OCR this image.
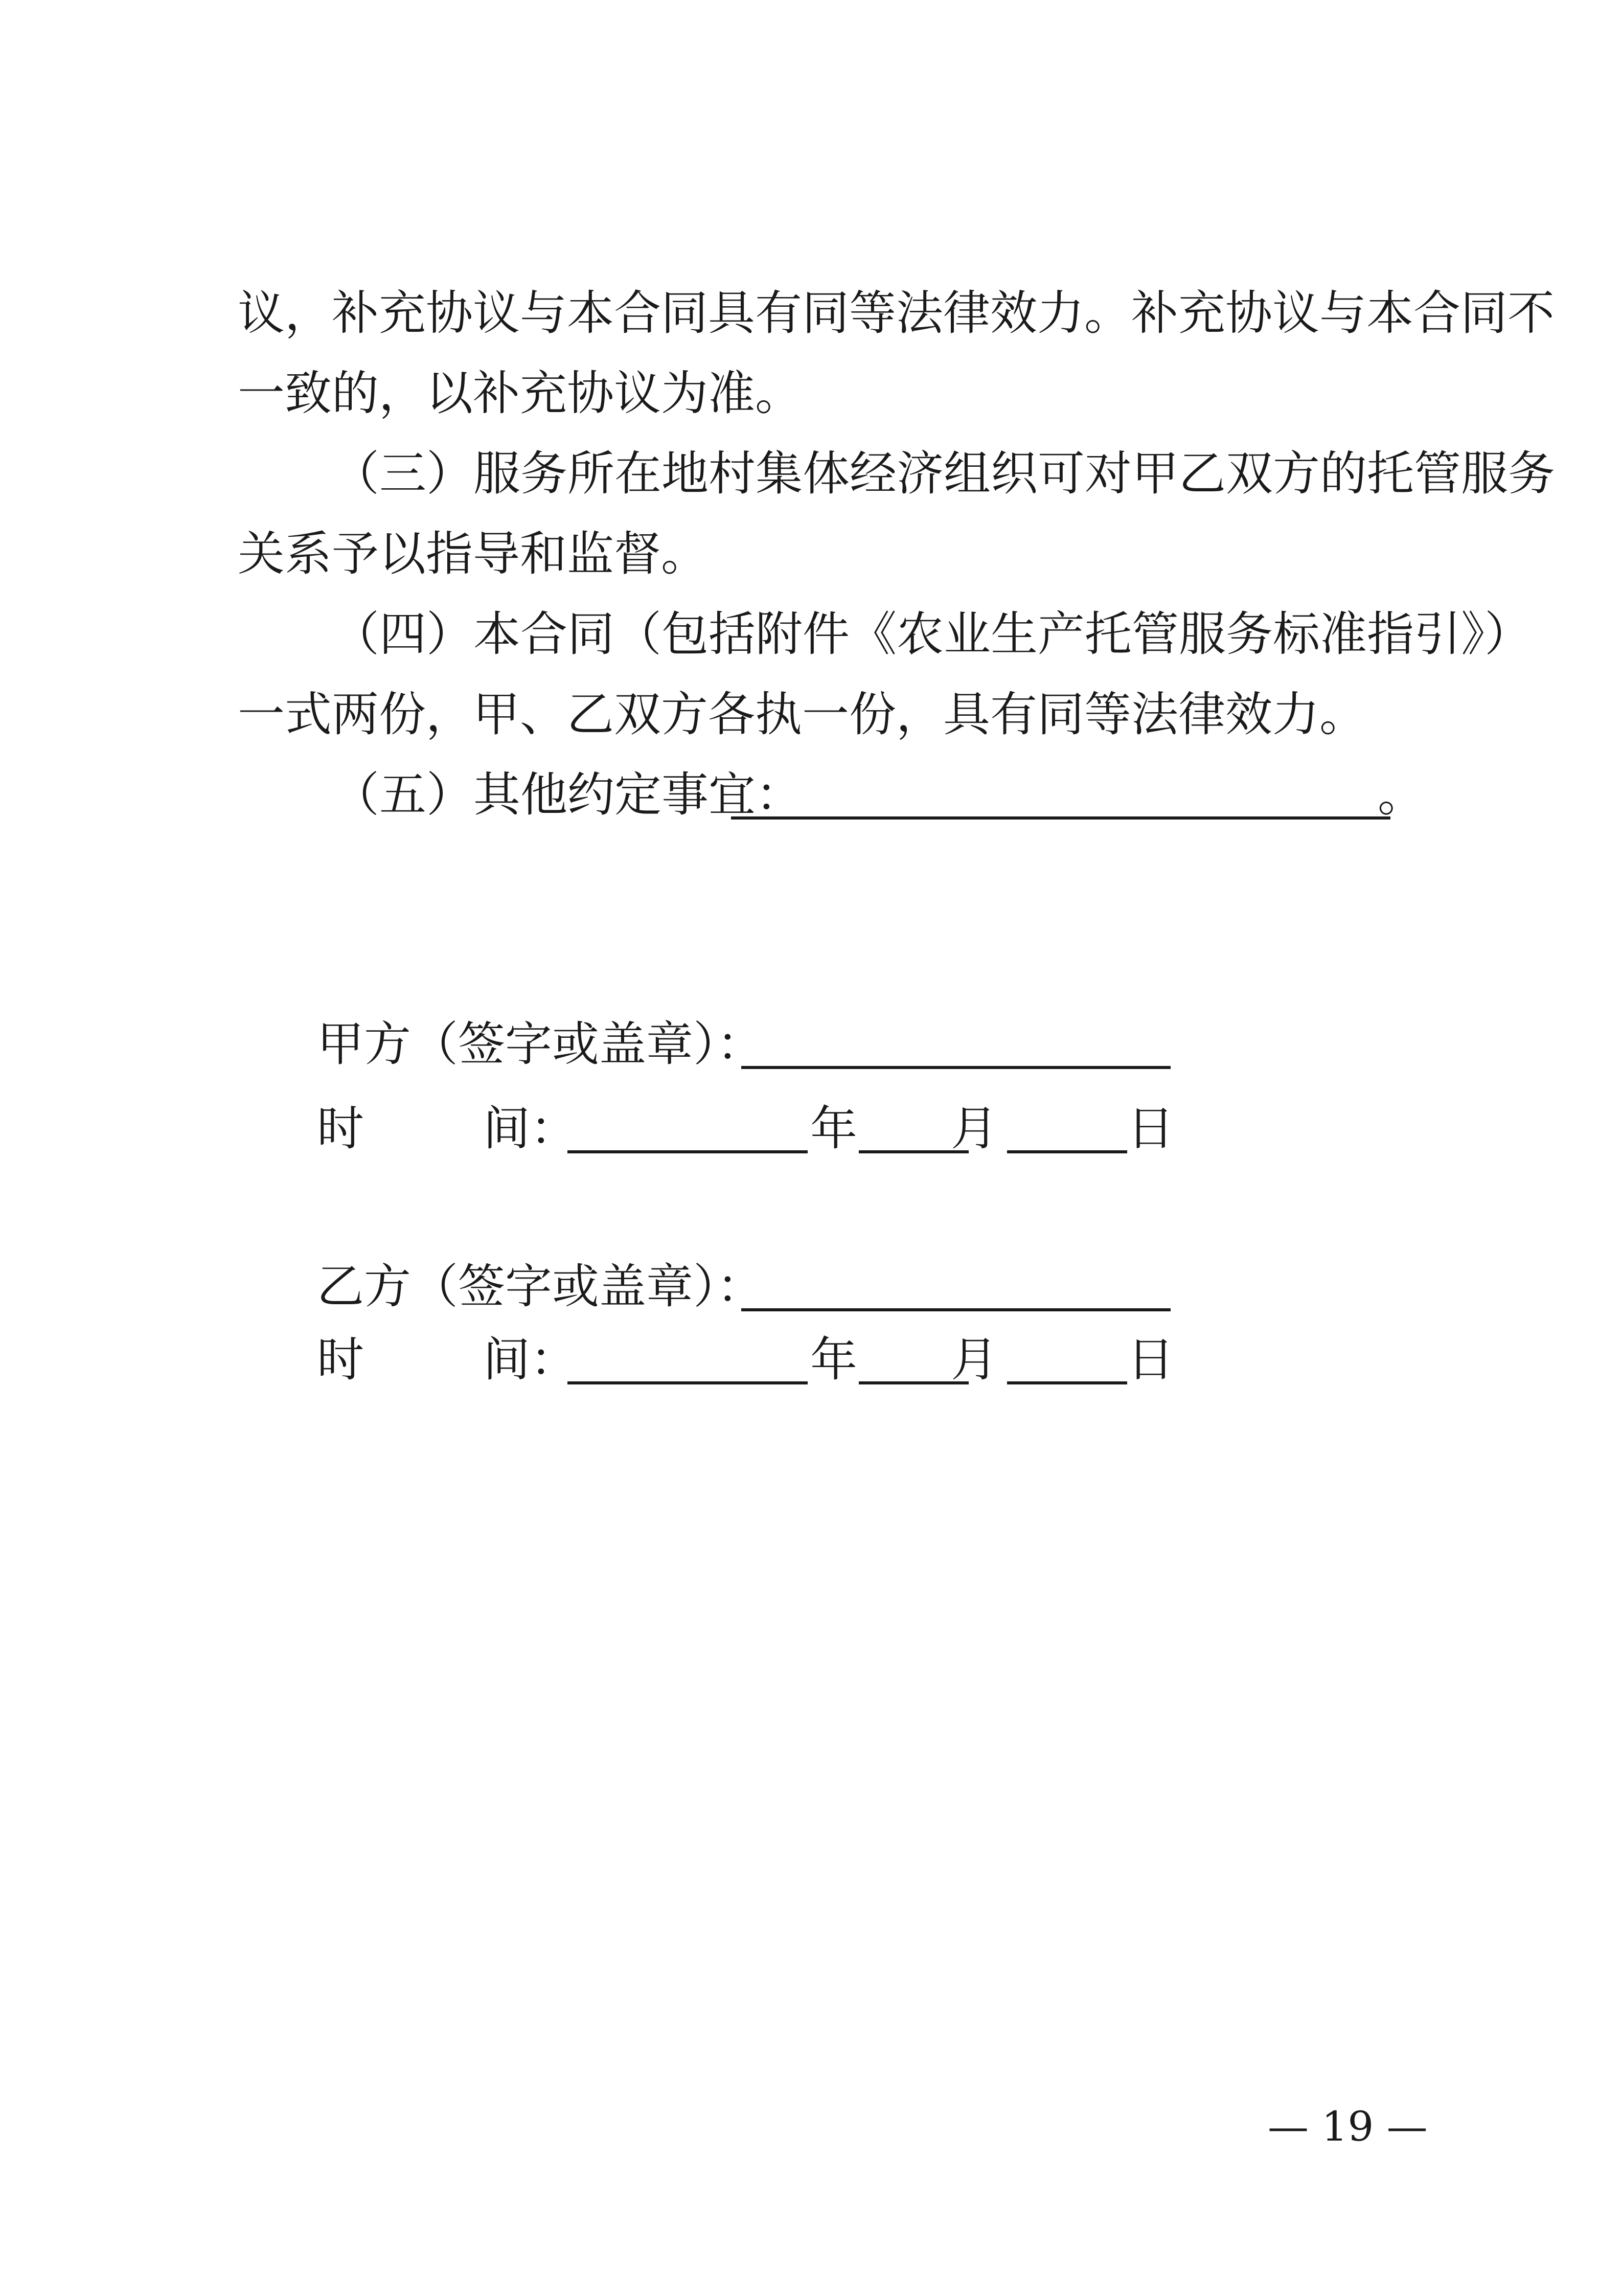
议，补充协议与本合同具有同等法律效力。补充协议与本合同不
一致的，以补充协议为准。
（三）服务所在地村集体经济组织可对甲乙双方的托管服务
关系予以指导和监督。
（四）本合同（包括附件《农业生产托管服务标准指引》）
一式两份，甲、乙双方各执一份，具有同等法律效力。
（五）其他约定事宜：	。
甲方（签字或盖章）：
时	间：	年 月	日
乙方（签字或盖章）：
时	间：	年 月	日
— 19 —
